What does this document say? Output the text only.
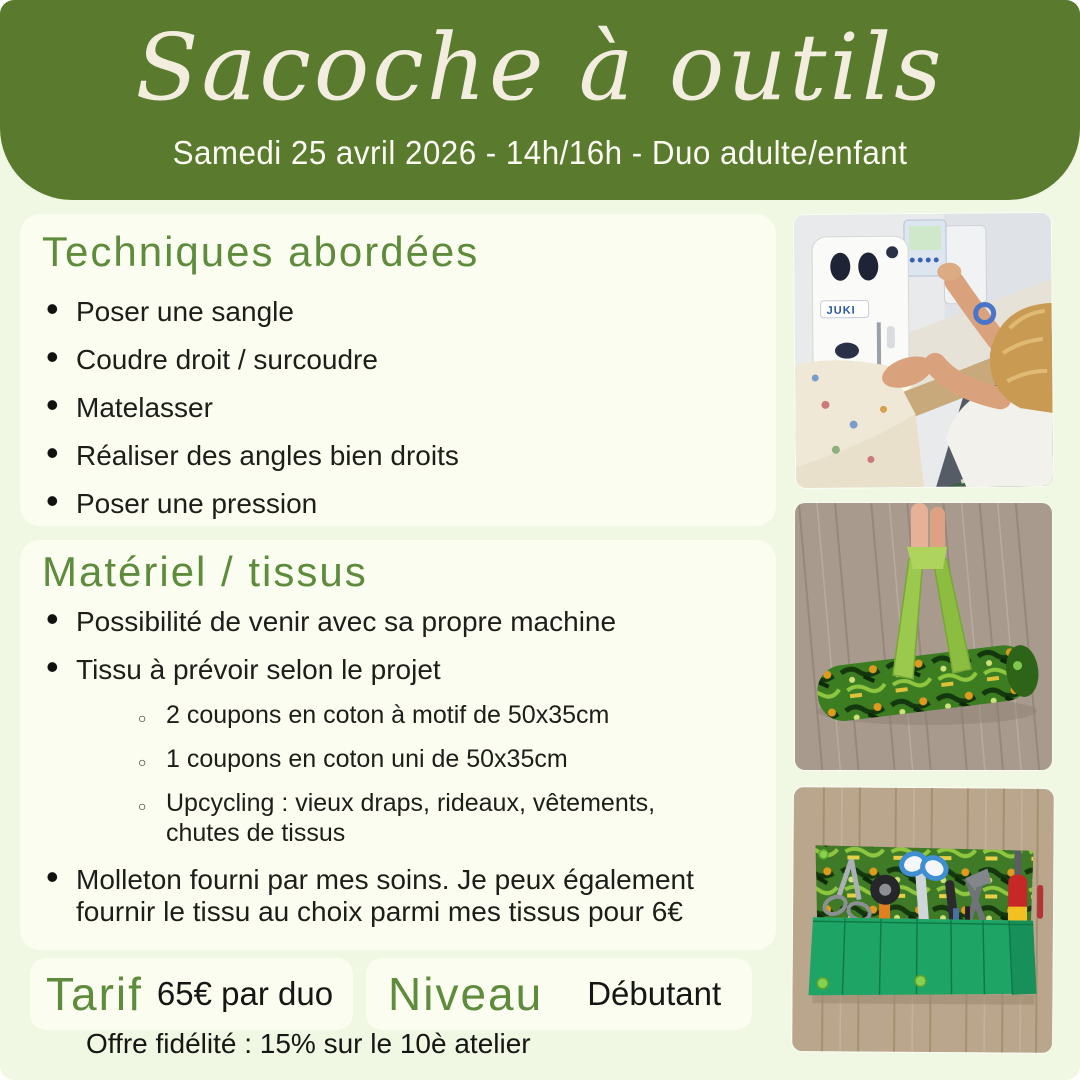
Sacoche à outils
Samedi 25 avril 2026 - 14h/16h - Duo adulte/enfant
Techniques abordées
• Poser une sangle
• Coudre droit / surcoudre
• Matelasser
• Réaliser des angles bien droits
• Poser une pression
Matériel / tissus
• Possibilité de venir avec sa propre machine
• Tissu à prévoir selon le projet
○ 2 coupons en coton à motif de 50x35cm
○ 1 coupons en coton uni de 50x35cm
○ Upcycling : vieux draps, rideaux, vêtements, chutes de tissus
• Molleton fourni par mes soins. Je peux également fournir le tissu au choix parmi mes tissus pour 6€
Tarif 65€ par duo Niveau Débutant
Offre fidélité : 15% sur le 10è atelier
JUKI
